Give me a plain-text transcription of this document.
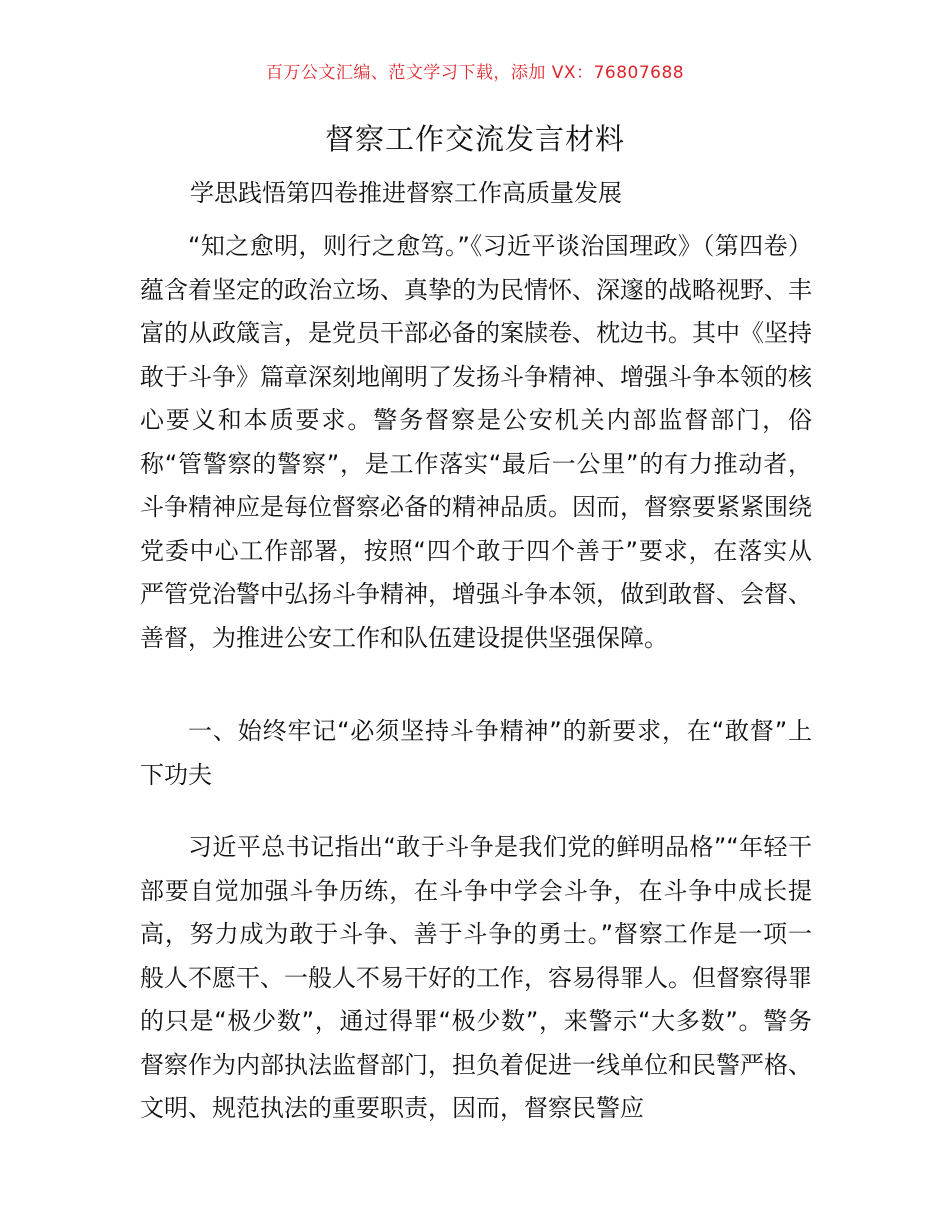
百万公文汇编、范文学习下载，添加 VX：76807688
督察工作交流发言材料
学思践悟第四卷推进督察工作高质量发展

“知之愈明，则行之愈笃。”《习近平谈治国理政》（第四卷）蕴含着坚定的政治立场、真挚的为民情怀、深邃的战略视野、丰富的从政箴言，是党员干部必备的案牍卷、枕边书。其中《坚持敢于斗争》篇章深刻地阐明了发扬斗争精神、增强斗争本领的核心要义和本质要求。警务督察是公安机关内部监督部门，俗称“管警察的警察”，是工作落实“最后一公里”的有力推动者，斗争精神应是每位督察必备的精神品质。因而，督察要紧紧围绕党委中心工作部署，按照“四个敢于四个善于”要求，在落实从严管党治警中弘扬斗争精神，增强斗争本领，做到敢督、会督、善督，为推进公安工作和队伍建设提供坚强保障。

一、始终牢记“必须坚持斗争精神”的新要求，在“敢督”上下功夫

习近平总书记指出“敢于斗争是我们党的鲜明品格”“年轻干部要自觉加强斗争历练，在斗争中学会斗争，在斗争中成长提高，努力成为敢于斗争、善于斗争的勇士。”督察工作是一项一般人不愿干、一般人不易干好的工作，容易得罪人。但督察得罪的只是“极少数”，通过得罪“极少数”，来警示“大多数”。警务督察作为内部执法监督部门，担负着促进一线单位和民警严格、文明、规范执法的重要职责，因而，督察民警应
